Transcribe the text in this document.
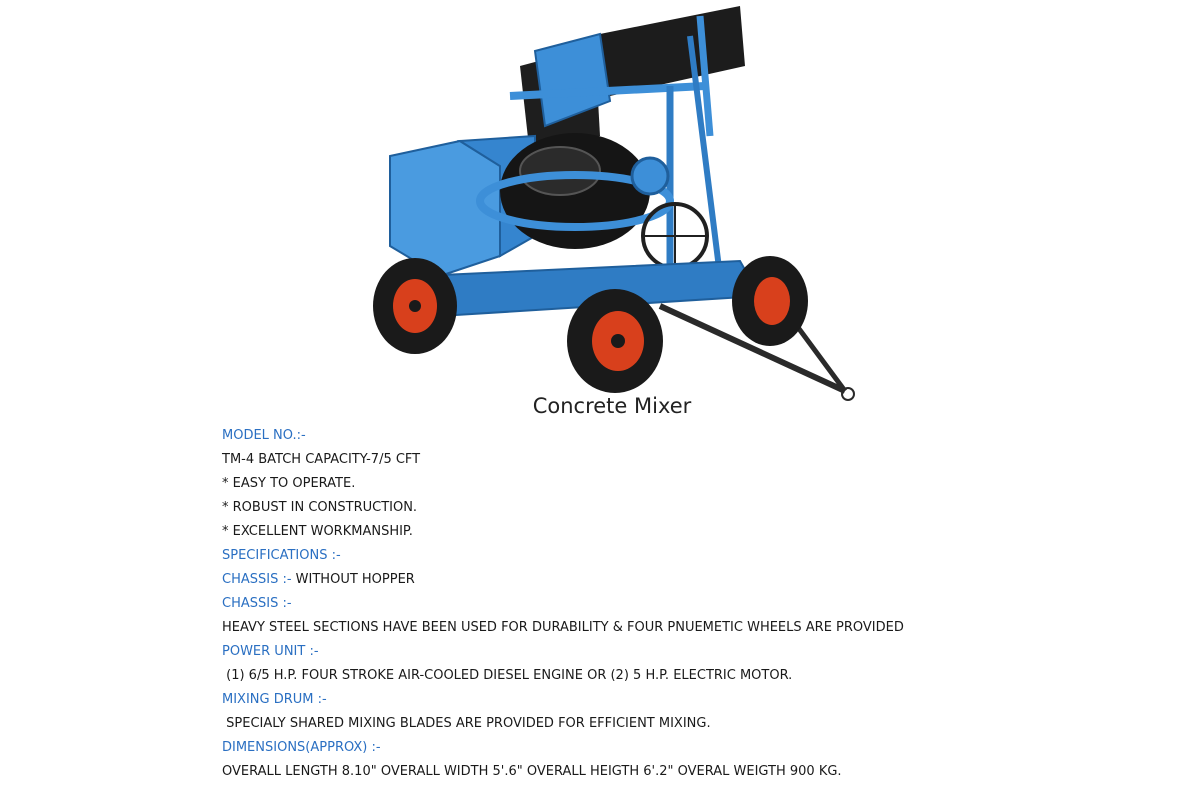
Concrete Mixer
MODEL NO.:-
TM-4 BATCH CAPACITY-7/5 CFT
* EASY TO OPERATE.
* ROBUST IN CONSTRUCTION.
* EXCELLENT WORKMANSHIP.
SPECIFICATIONS :-
CHASSIS :- WITHOUT HOPPER
CHASSIS :-
HEAVY STEEL SECTIONS HAVE BEEN USED FOR DURABILITY & FOUR PNUEMETIC WHEELS ARE PROVIDED
POWER UNIT :-
(1) 6/5 H.P. FOUR STROKE AIR-COOLED DIESEL ENGINE OR (2) 5 H.P. ELECTRIC MOTOR.
MIXING DRUM :-
SPECIALY SHARED MIXING BLADES ARE PROVIDED FOR EFFICIENT MIXING.
DIMENSIONS(APPROX) :-
OVERALL LENGTH 8.10" OVERALL WIDTH 5'.6" OVERALL HEIGTH 6'.2" OVERAL WEIGTH 900 KG.
